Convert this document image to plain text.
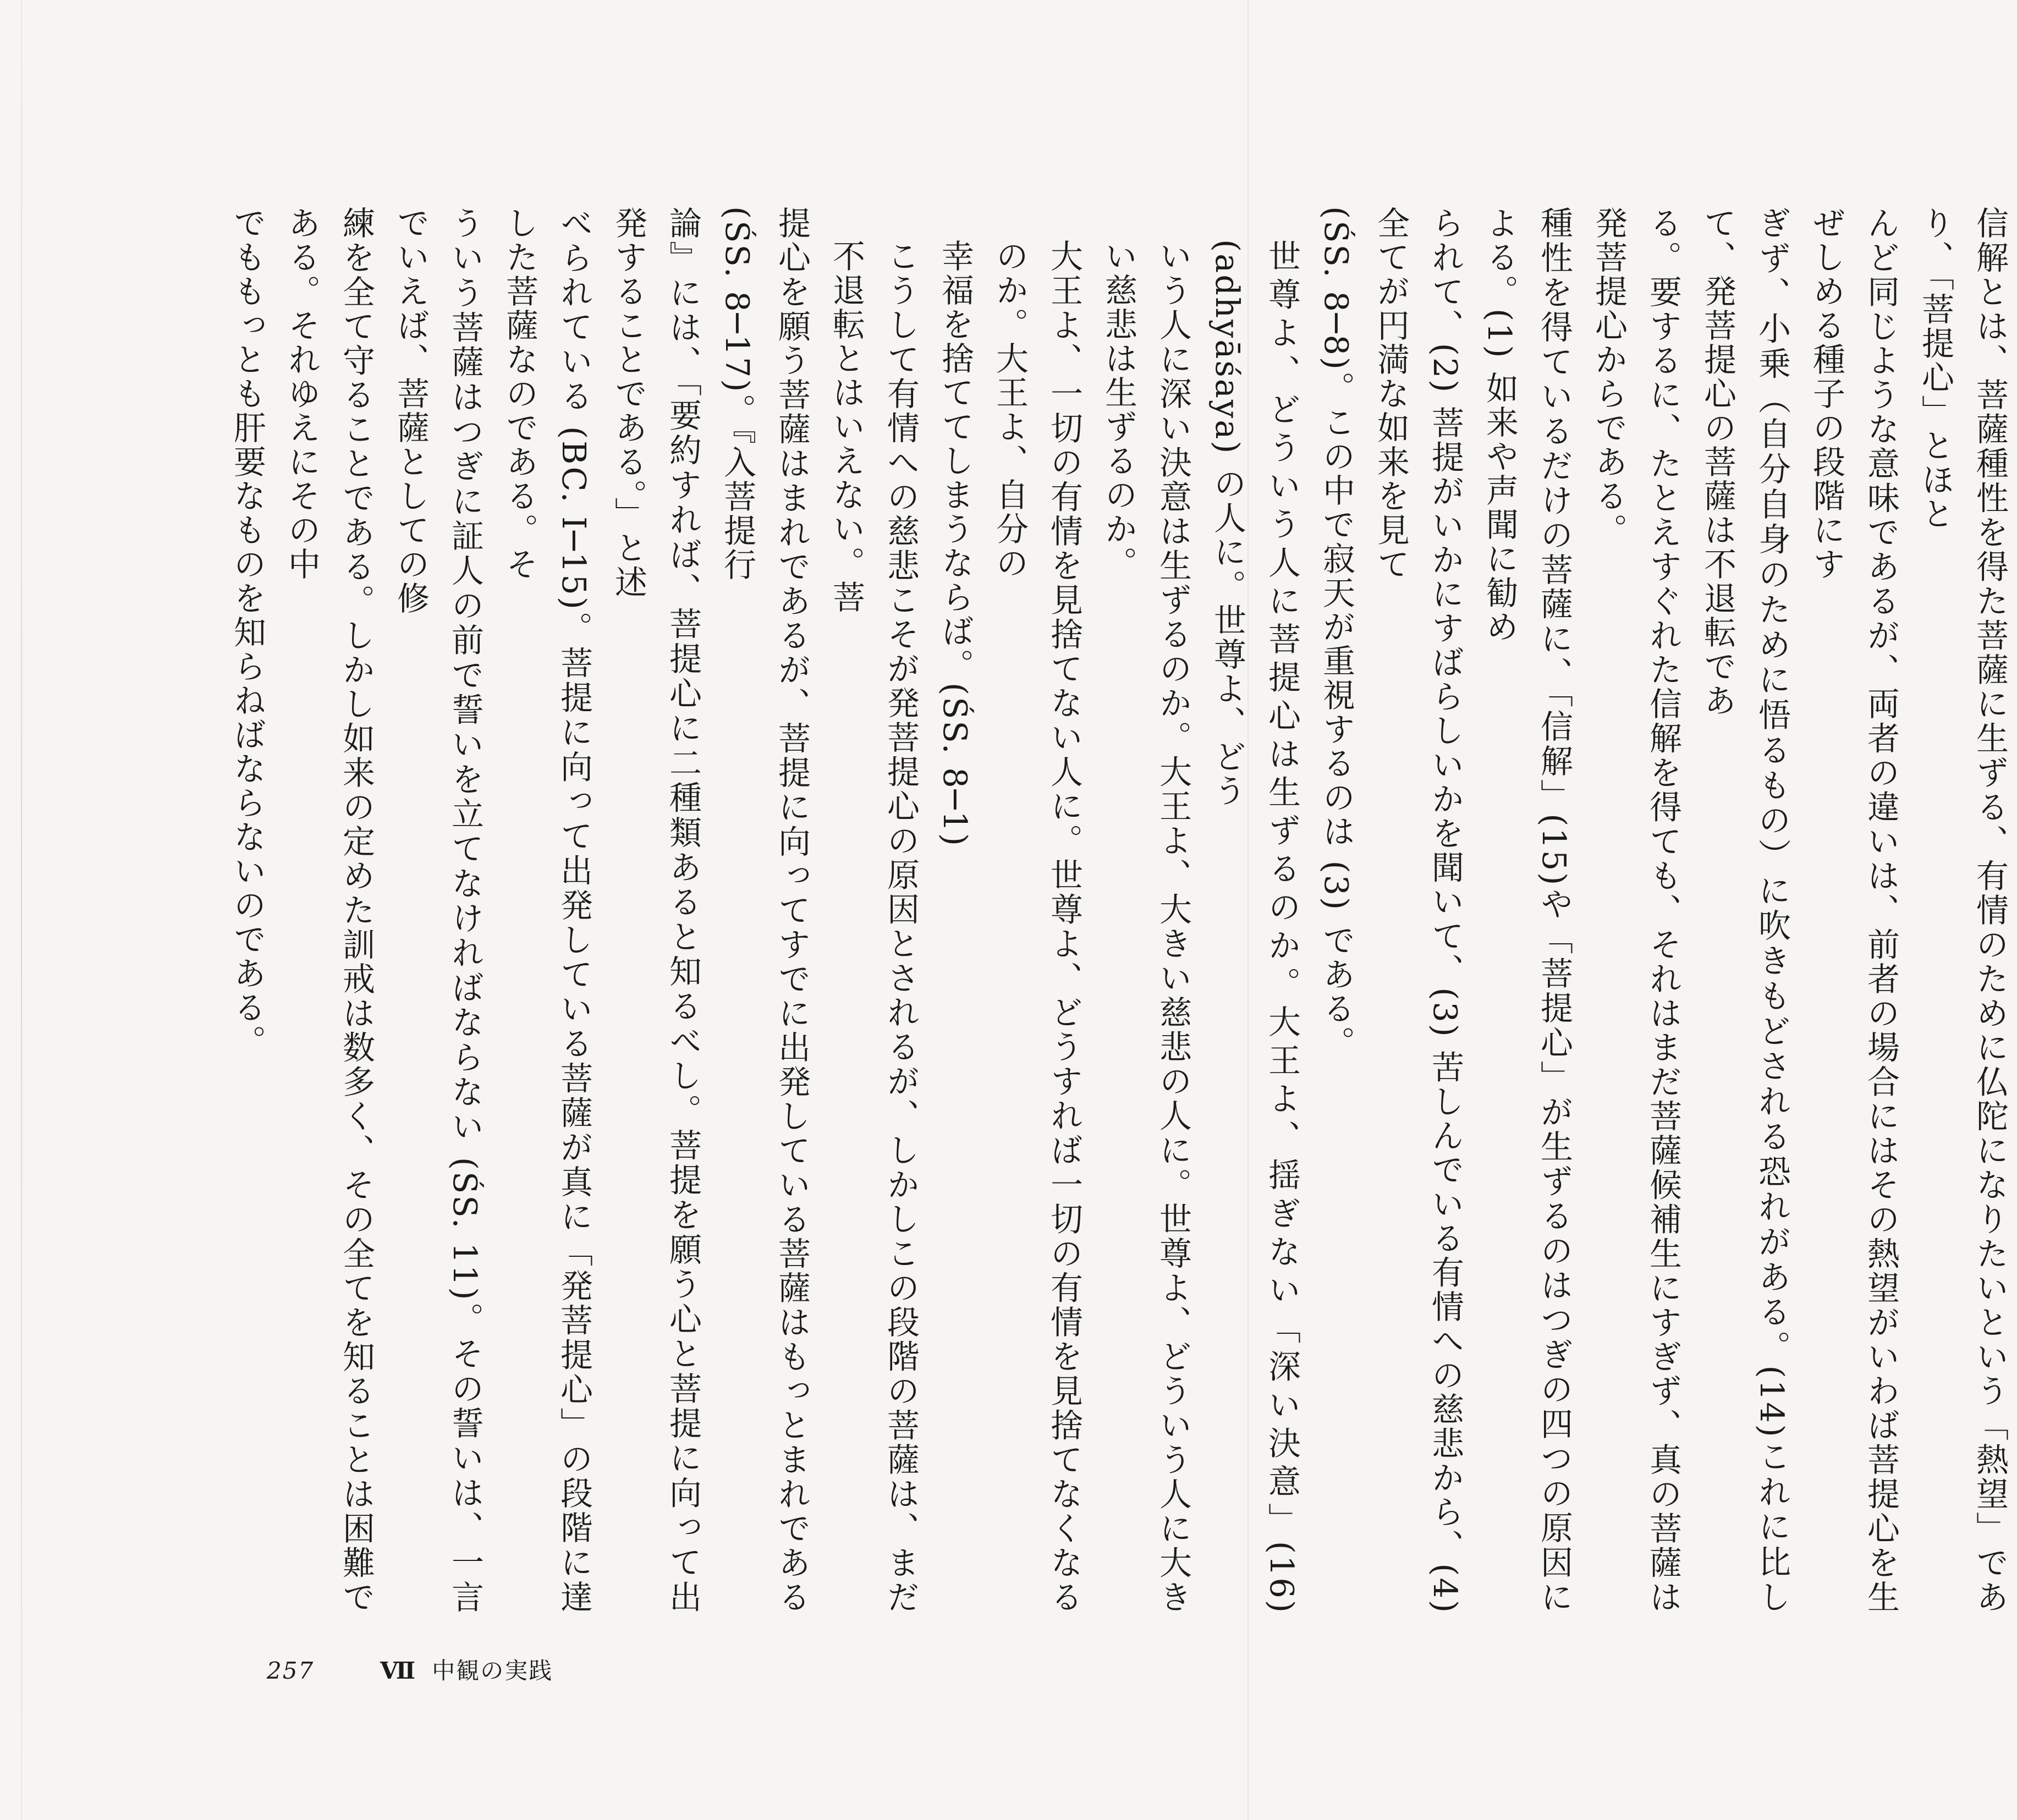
信解とは、菩薩種性を得た菩薩に生ずる、有情のために仏陀になりたいという「熱望」であり、「菩提心」とほと

んど同じような意味であるが、両者の違いは、前者の場合にはその熱望がいわば菩提心を生ぜしめる種子の段階にす

ぎず、小乗（自分自身のために悟るもの）に吹きもどされる恐れがある。(14)これに比して、発菩提心の菩薩は不退転であ

る。要するに、たとえすぐれた信解を得ても、それはまだ菩薩候補生にすぎず、真の菩薩は発菩提心からである。

種性を得ているだけの菩薩に、「信解」(15)や「菩提心」が生ずるのはつぎの四つの原因による。(1) 如来や声聞に勧め

られて、(2) 菩提がいかにすばらしいかを聞いて、(3) 苦しんでいる有情への慈悲から、(4) 全てが円満な如来を見て

(ŚS. 8─8)。この中で寂天が重視するのは (3) である。

世尊よ、どういう人に菩提心は生ずるのか。大王よ、揺ぎない「深い決意」(16) (adhyāśaya) の人に。世尊よ、どう

いう人に深い決意は生ずるのか。大王よ、大きい慈悲の人に。世尊よ、どういう人に大きい慈悲は生ずるのか。

大王よ、一切の有情を見捨てない人に。世尊よ、どうすれば一切の有情を見捨てなくなるのか。大王よ、自分の

幸福を捨ててしまうならば。(ŚS. 8─1)

こうして有情への慈悲こそが発菩提心の原因とされるが、しかしこの段階の菩薩は、まだ不退転とはいえない。菩

提心を願う菩薩はまれであるが、菩提に向ってすでに出発している菩薩はもっとまれである (ŚS. 8─17)。『入菩提行

論』には、「要約すれば、菩提心に二種類あると知るべし。菩提を願う心と菩提に向って出発することである。」と述

べられている (BC. I─15)。菩提に向って出発している菩薩が真に「発菩提心」の段階に達した菩薩なのである。そ

ういう菩薩はつぎに証人の前で誓いを立てなければならない (ŚS. 11)。その誓いは、一言でいえば、菩薩としての修

練を全て守ることである。しかし如来の定めた訓戒は数多く、その全てを知ることは困難である。それゆえにその中

でももっとも肝要なものを知らねばならないのである。

257	Ⅶ 中観の実践
